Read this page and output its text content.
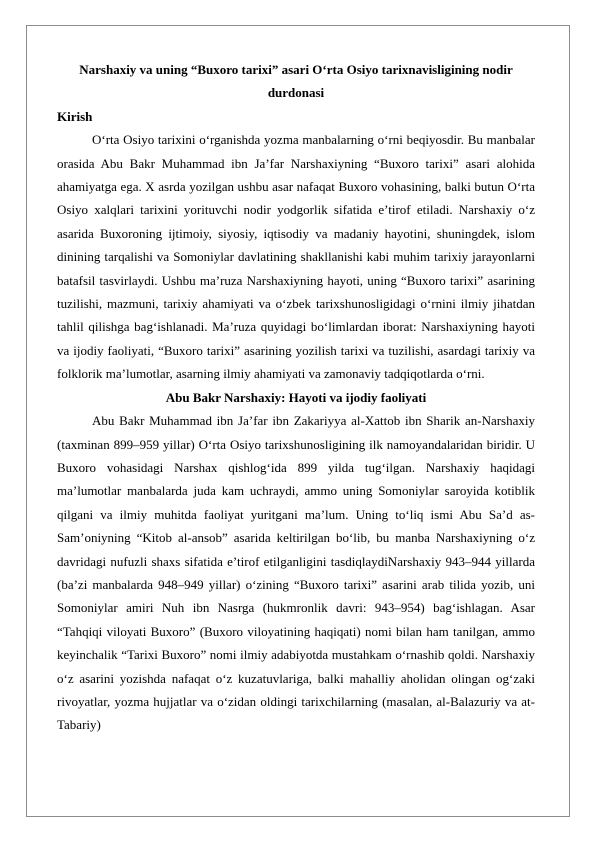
Narshaxiy va uning “Buxoro tarixi” asari O‘rta Osiyo tarixnavisligining nodir durdonasi

Kirish

O‘rta Osiyo tarixini o‘rganishda yozma manbalarning o‘rni beqiyosdir. Bu manbalar orasida Abu Bakr Muhammad ibn Ja’far Narshaxiyning “Buxoro tarixi” asari alohida ahamiyatga ega. X asrda yozilgan ushbu asar nafaqat Buxoro vohasining, balki butun O‘rta Osiyo xalqlari tarixini yorituvchi nodir yodgorlik sifatida e’tirof etiladi. Narshaxiy o‘z asarida Buxoroning ijtimoiy, siyosiy, iqtisodiy va madaniy hayotini, shuningdek, islom dinining tarqalishi va Somoniylar davlatining shakllanishi kabi muhim tarixiy jarayonlarni batafsil tasvirlaydi. Ushbu ma’ruza Narshaxiyning hayoti, uning “Buxoro tarixi” asarining tuzilishi, mazmuni, tarixiy ahamiyati va o‘zbek tarixshunosligidagi o‘rnini ilmiy jihatdan tahlil qilishga bag‘ishlanadi. Ma’ruza quyidagi bo‘limlardan iborat: Narshaxiyning hayoti va ijodiy faoliyati, “Buxoro tarixi” asarining yozilish tarixi va tuzilishi, asardagi tarixiy va folklorik ma’lumotlar, asarning ilmiy ahamiyati va zamonaviy tadqiqotlarda o‘rni.

Abu Bakr Narshaxiy: Hayoti va ijodiy faoliyati

Abu Bakr Muhammad ibn Ja’far ibn Zakariyya al-Xattob ibn Sharik an-Narshaxiy (taxminan 899–959 yillar) O‘rta Osiyo tarixshunosligining ilk namoyandalaridan biridir. U Buxoro vohasidagi Narshax qishlog‘ida 899 yilda tug‘ilgan. Narshaxiy haqidagi ma’lumotlar manbalarda juda kam uchraydi, ammo uning Somoniylar saroyida kotiblik qilgani va ilmiy muhitda faoliyat yuritgani ma’lum. Uning to‘liq ismi Abu Sa’d as-Sam’oniyning “Kitob al-ansob” asarida keltirilgan bo‘lib, bu manba Narshaxiyning o‘z davridagi nufuzli shaxs sifatida e’tirof etilganligini tasdiqlaydiNarshaxiy 943–944 yillarda (ba’zi manbalarda 948–949 yillar) o‘zining “Buxoro tarixi” asarini arab tilida yozib, uni Somoniylar amiri Nuh ibn Nasrga (hukmronlik davri: 943–954) bag‘ishlagan. Asar “Tahqiqi viloyati Buxoro” (Buxoro viloyatining haqiqati) nomi bilan ham tanilgan, ammo keyinchalik “Tarixi Buxoro” nomi ilmiy adabiyotda mustahkam o‘rnashib qoldi. Narshaxiy o‘z asarini yozishda nafaqat o‘z kuzatuvlariga, balki mahalliy aholidan olingan og‘zaki rivoyatlar, yozma hujjatlar va o‘zidan oldingi tarixchilarning (masalan, al-Balazuriy va at-Tabariy)
